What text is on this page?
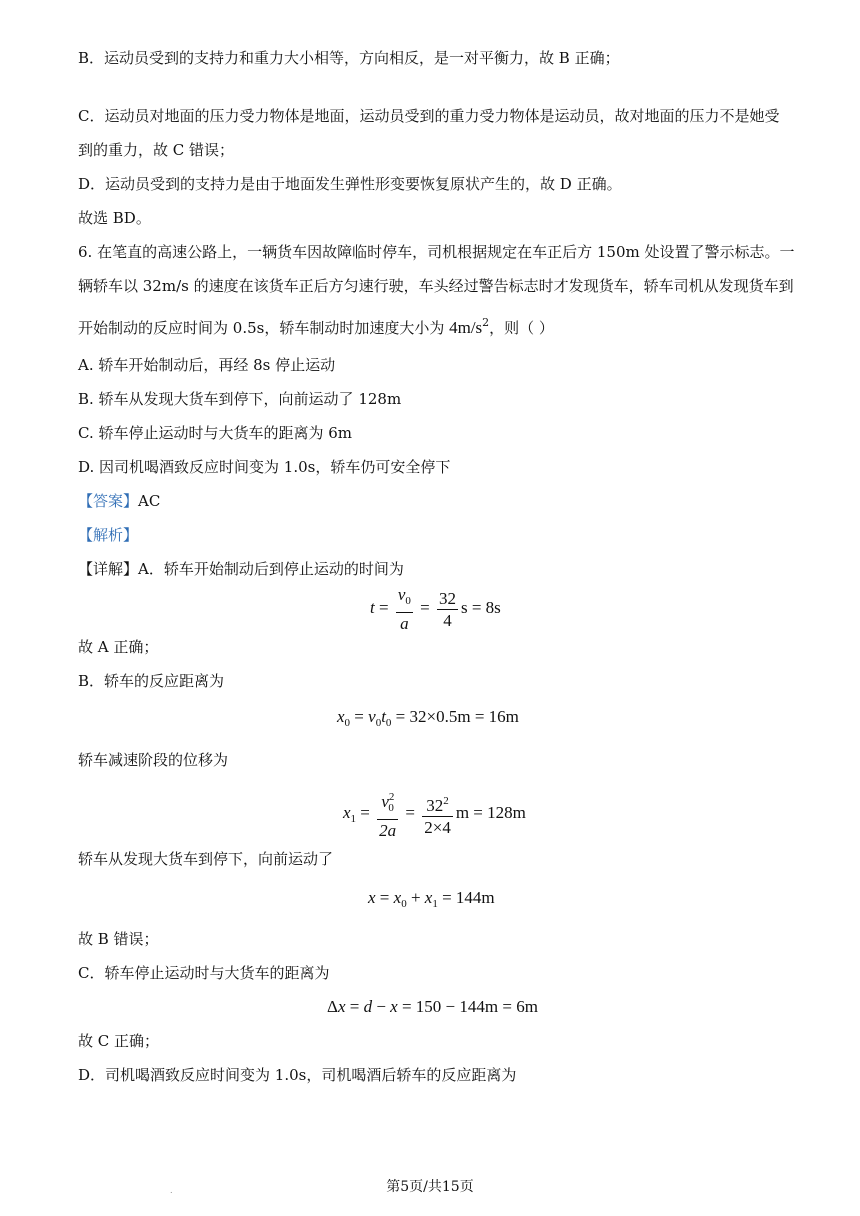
B．运动员受到的支持力和重力大小相等，方向相反，是一对平衡力，故 B 正确；
C．运动员对地面的压力受力物体是地面，运动员受到的重力受力物体是运动员，故对地面的压力不是她受
到的重力，故 C 错误；
D．运动员受到的支持力是由于地面发生弹性形变要恢复原状产生的，故 D 正确。
故选 BD。
6. 在笔直的高速公路上，一辆货车因故障临时停车，司机根据规定在车正后方 150m 处设置了警示标志。一
辆轿车以 32m/s 的速度在该货车正后方匀速行驶，车头经过警告标志时才发现货车，轿车司机从发现货车到
开始制动的反应时间为 0.5s，轿车制动时加速度大小为 $4m/s^2$，则（ ）
A. 轿车开始制动后，再经 8s 停止运动
B. 轿车从发现大货车到停下，向前运动了 128m
C. 轿车停止运动时与大货车的距离为 6m
D. 因司机喝酒致反应时间变为 1.0s，轿车仍可安全停下
【答案】AC
【解析】
【详解】A．轿车开始制动后到停止运动的时间为
$t = \frac{v_0}{a} = \frac{32}{4}$ s = 8s
故 A 正确；
B．轿车的反应距离为
$x_0 = v_0t_0 = 32\times 0.5m = 16m$
轿车减速阶段的位移为
$x_1 = \frac{v^2_0}{2a} = \frac{32^2}{2\times 4}$ m = 128m
轿车从发现大货车到停下，向前运动了
$x = x_0 + x_1 = 144m$
故 B 错误；
C．轿车停止运动时与大货车的距离为
Δx = d − x = 150 − 144m = 6m
故 C 正确；
D．司机喝酒致反应时间变为 1.0s，司机喝酒后轿车的反应距离为
.	第5页/共15页
